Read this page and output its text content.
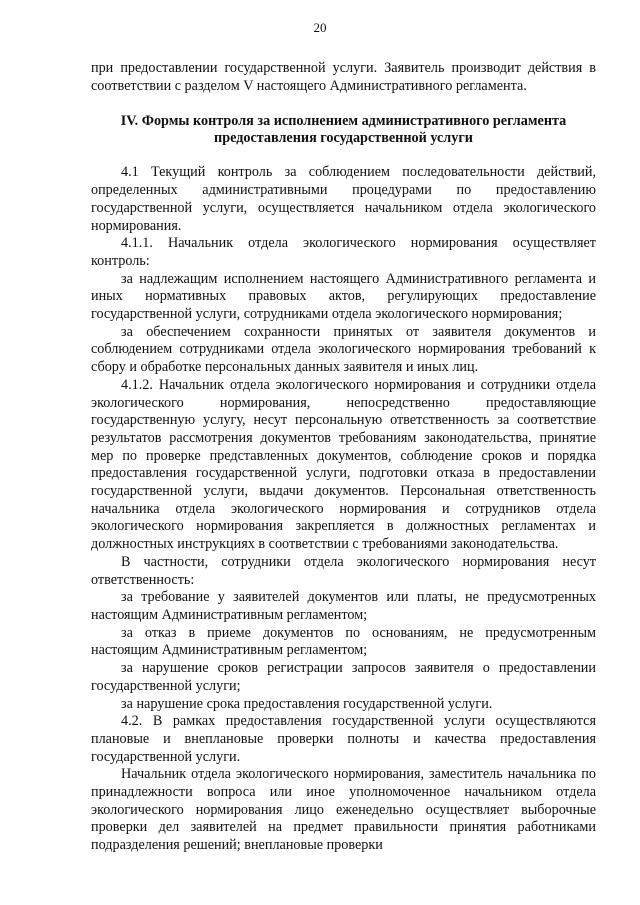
20

при предоставлении государственной услуги. Заявитель производит действия в соответствии с разделом V настоящего Административного регламента.

IV. Формы контроля за исполнением административного регламента
предоставления государственной услуги

4.1 Текущий контроль за соблюдением последовательности действий, определенных административными процедурами по предоставлению государственной услуги, осуществляется начальником отдела экологического нормирования.

4.1.1. Начальник отдела экологического нормирования осуществляет контроль:

за надлежащим исполнением настоящего Административного регламента и иных нормативных правовых актов, регулирующих предоставление государственной услуги, сотрудниками отдела экологического нормирования;

за обеспечением сохранности принятых от заявителя документов и соблюдением сотрудниками отдела экологического нормирования требований к сбору и обработке персональных данных заявителя и иных лиц.

4.1.2. Начальник отдела экологического нормирования и сотрудники отдела экологического нормирования, непосредственно предоставляющие государственную услугу, несут персональную ответственность за соответствие результатов рассмотрения документов требованиям законодательства, принятие мер по проверке представленных документов, соблюдение сроков и порядка предоставления государственной услуги, подготовки отказа в предоставлении государственной услуги, выдачи документов. Персональная ответственность начальника отдела экологического нормирования и сотрудников отдела экологического нормирования закрепляется в должностных регламентах и должностных инструкциях в соответствии с требованиями законодательства.

В частности, сотрудники отдела экологического нормирования несут ответственность:

за требование у заявителей документов или платы, не предусмотренных настоящим Административным регламентом;

за отказ в приеме документов по основаниям, не предусмотренным настоящим Административным регламентом;

за нарушение сроков регистрации запросов заявителя о предоставлении государственной услуги;

за нарушение срока предоставления государственной услуги.

4.2. В рамках предоставления государственной услуги осуществляются плановые и внеплановые проверки полноты и качества предоставления государственной услуги.

Начальник отдела экологического нормирования, заместитель начальника по принадлежности вопроса или иное уполномоченное начальником отдела экологического нормирования лицо еженедельно осуществляет выборочные проверки дел заявителей на предмет правильности принятия работниками подразделения решений; внеплановые проверки
